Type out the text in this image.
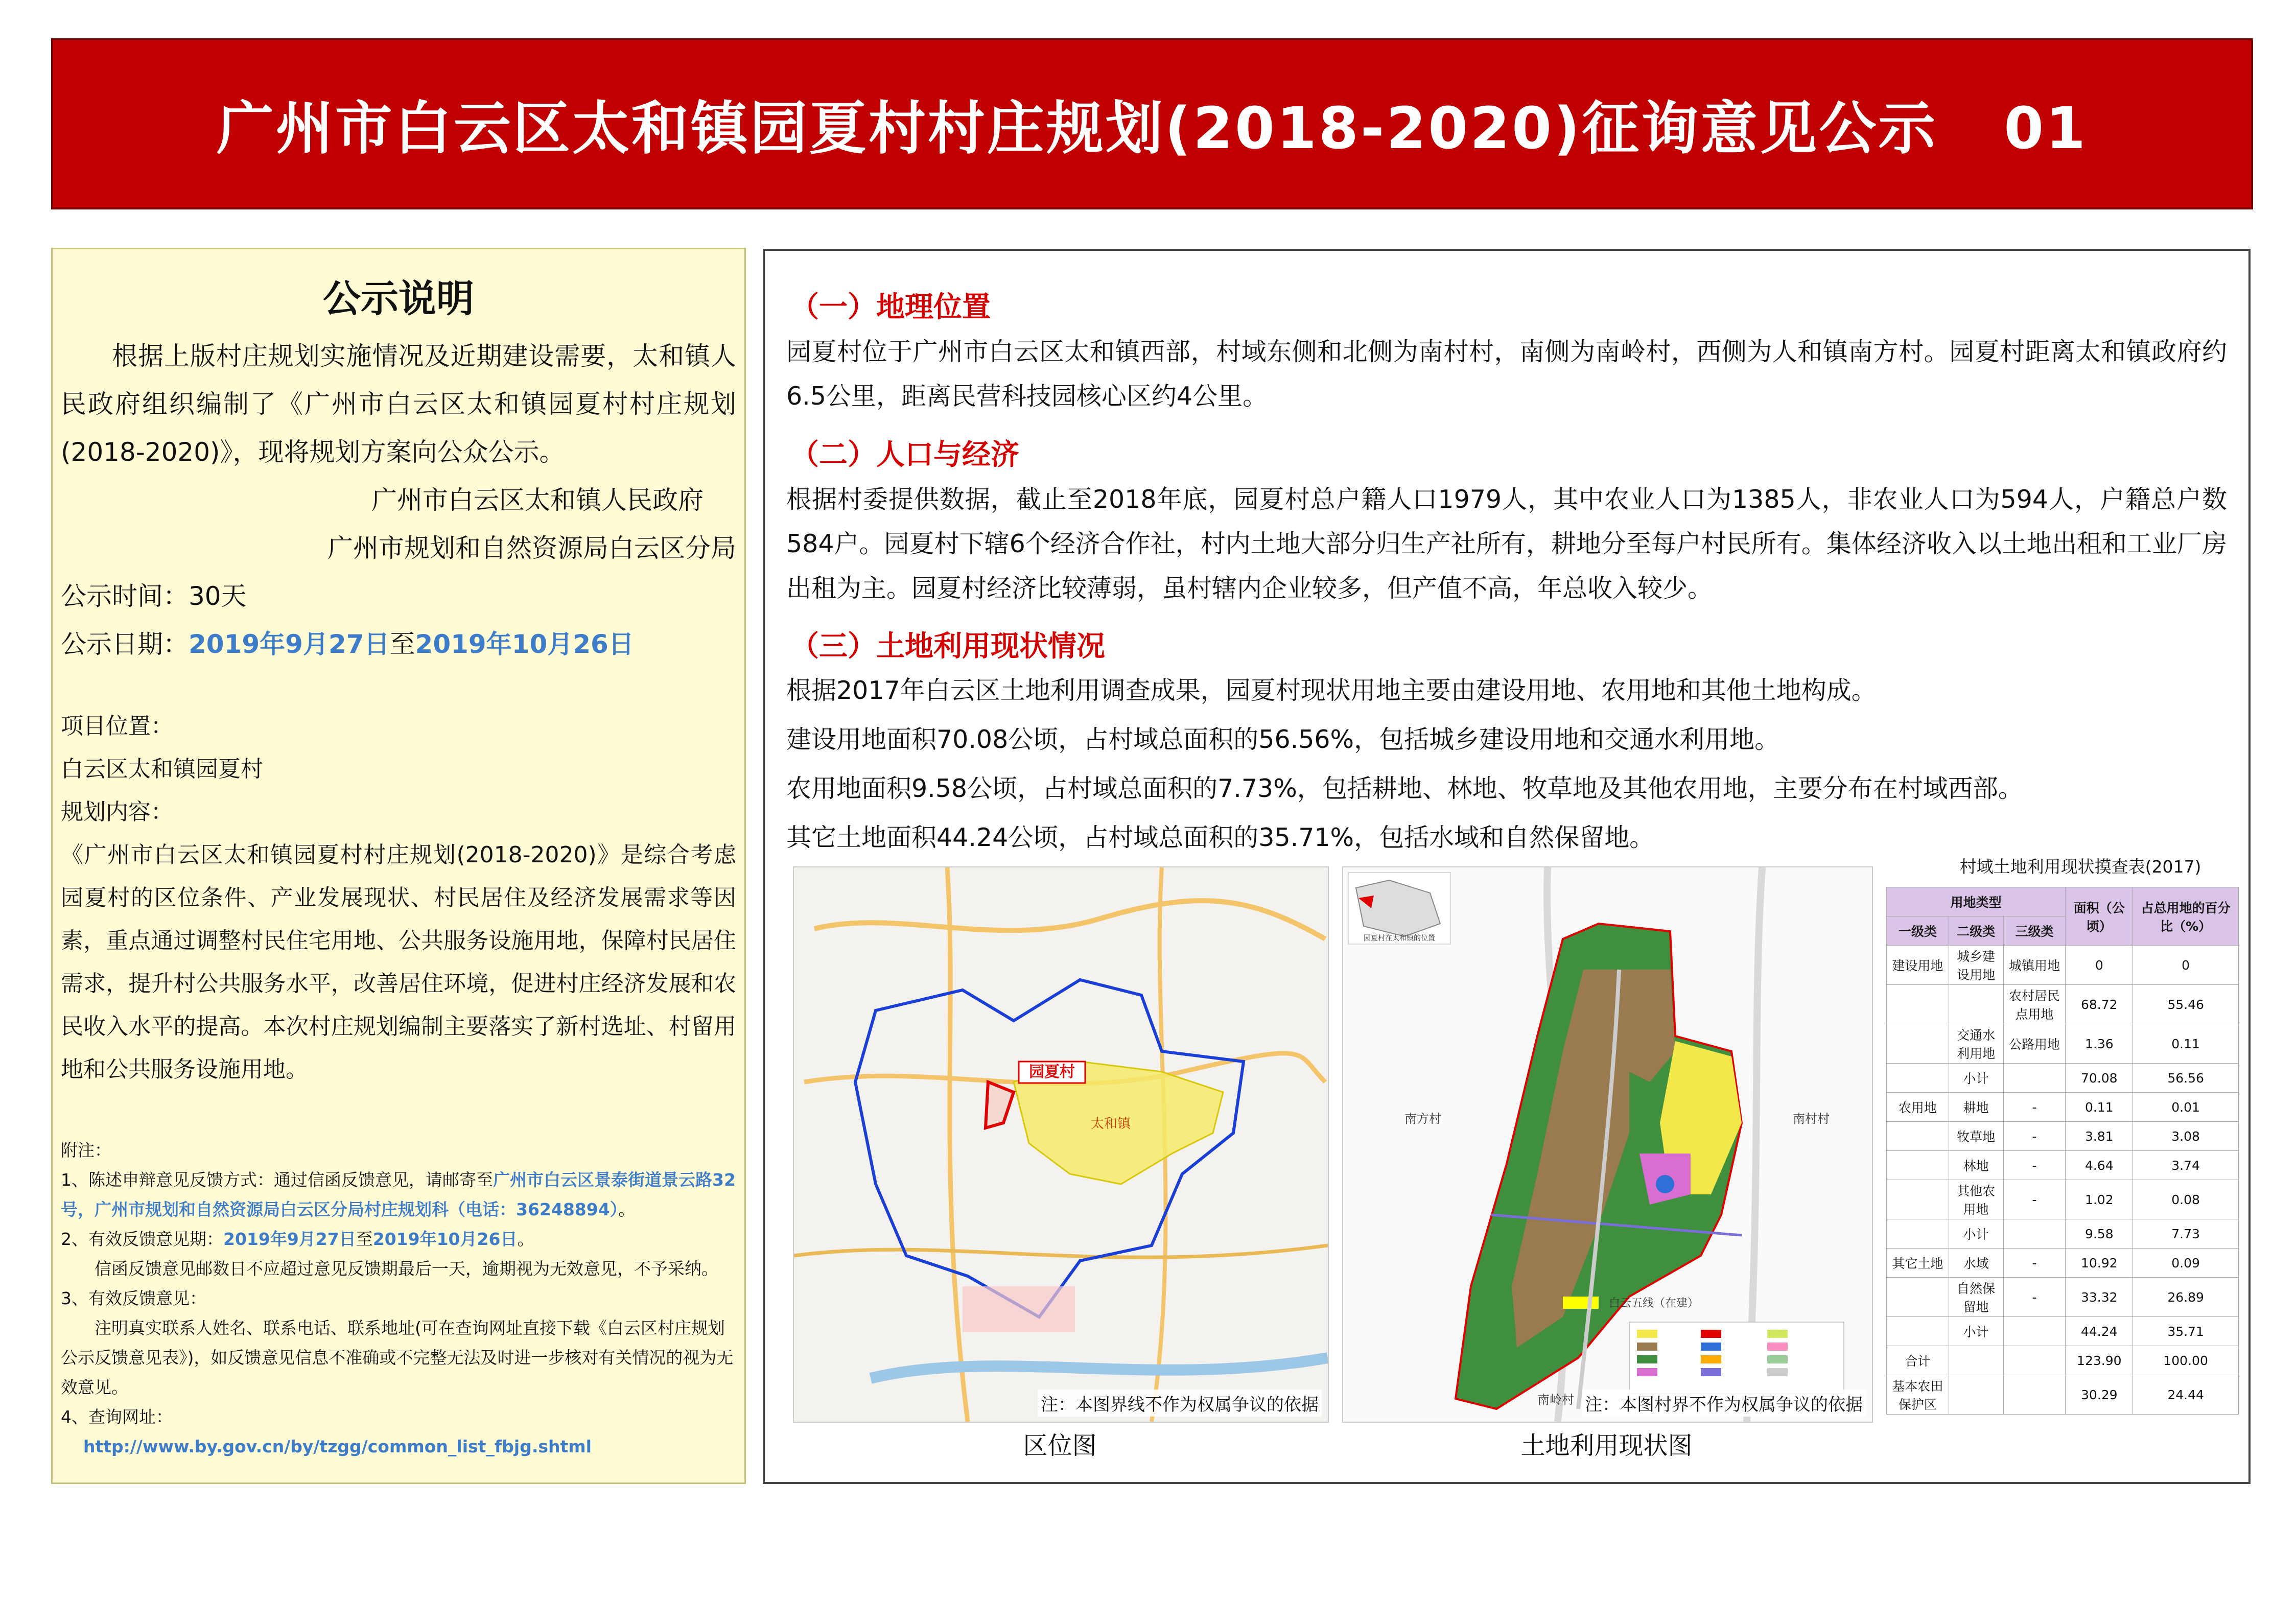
广州市白云区太和镇园夏村村庄规划(2018-2020)征询意见公示 01
公示说明
根据上版村庄规划实施情况及近期建设需要，太和镇人民政府组织编制了《广州市白云区太和镇园夏村村庄规划(2018-2020)》，现将规划方案向公众公示。
广州市白云区太和镇人民政府
广州市规划和自然资源局白云区分局
公示时间：30天
公示日期：2019年9月27日至2019年10月26日
项目位置：
白云区太和镇园夏村
规划内容：
《广州市白云区太和镇园夏村村庄规划(2018-2020)》是综合考虑园夏村的区位条件、产业发展现状、村民居住及经济发展需求等因素，重点通过调整村民住宅用地、公共服务设施用地，保障村民居住需求，提升村公共服务水平，改善居住环境，促进村庄经济发展和农民收入水平的提高。本次村庄规划编制主要落实了新村选址、村留用地和公共服务设施用地。
附注：
1、陈述申辩意见反馈方式：通过信函反馈意见，请邮寄至广州市白云区景泰街道景云路32号，广州市规划和自然资源局白云区分局村庄规划科（电话：36248894）。
2、有效反馈意见期：2019年9月27日至2019年10月26日。
信函反馈意见邮数日不应超过意见反馈期最后一天，逾期视为无效意见，不予采纳。
3、有效反馈意见：
注明真实联系人姓名、联系电话、联系地址(可在查询网址直接下载《白云区村庄规划公示反馈意见表》)，如反馈意见信息不准确或不完整无法及时进一步核对有关情况的视为无效意见。
4、查询网址：
http://www.by.gov.cn/by/tzgg/common_list_fbjg.shtml
（一）地理位置
园夏村位于广州市白云区太和镇西部，村域东侧和北侧为南村村，南侧为南岭村，西侧为人和镇南方村。园夏村距离太和镇政府约6.5公里，距离民营科技园核心区约4公里。
（二）人口与经济
根据村委提供数据，截止至2018年底，园夏村总户籍人口1979人，其中农业人口为1385人，非农业人口为594人，户籍总户数584户。园夏村下辖6个经济合作社，村内土地大部分归生产社所有，耕地分至每户村民所有。集体经济收入以土地出租和工业厂房出租为主。园夏村经济比较薄弱，虽村辖内企业较多，但产值不高，年总收入较少。
（三）土地利用现状情况
根据2017年白云区土地利用调查成果，园夏村现状用地主要由建设用地、农用地和其他土地构成。
建设用地面积70.08公顷，占村域总面积的56.56%，包括城乡建设用地和交通水利用地。
农用地面积9.58公顷，占村域总面积的7.73%，包括耕地、林地、牧草地及其他农用地，主要分布在村域西部。
其它土地面积44.24公顷，占村域总面积的35.71%，包括水域和自然保留地。
园夏村
太和镇
注：本图界线不作为权属争议的依据
区位图
园夏村在太和镇的位置
南方村	南村村
南岭村
白云五线（在建）
注：本图村界不作为权属争议的依据
土地利用现状图
村域土地利用现状摸查表(2017)
用地类型			面积（公顷）	占总用地的百分比（%）
一级类	二级类	三级类		
建设用地	城乡建设用地	城镇用地	0	0
		农村居民点用地	68.72	55.46
	交通水利用地	公路用地	1.36	0.11
	小计		70.08	56.56
农用地	耕地	-	0.11	0.01
	牧草地	-	3.81	3.08
	林地	-	4.64	3.74
	其他农用地	-	1.02	0.08
	小计		9.58	7.73
其它土地	水域	-	10.92	0.09
	自然保留地	-	33.32	26.89
	小计		44.24	35.71
合计			123.90	100.00
基本农田保护区			30.29	24.44
